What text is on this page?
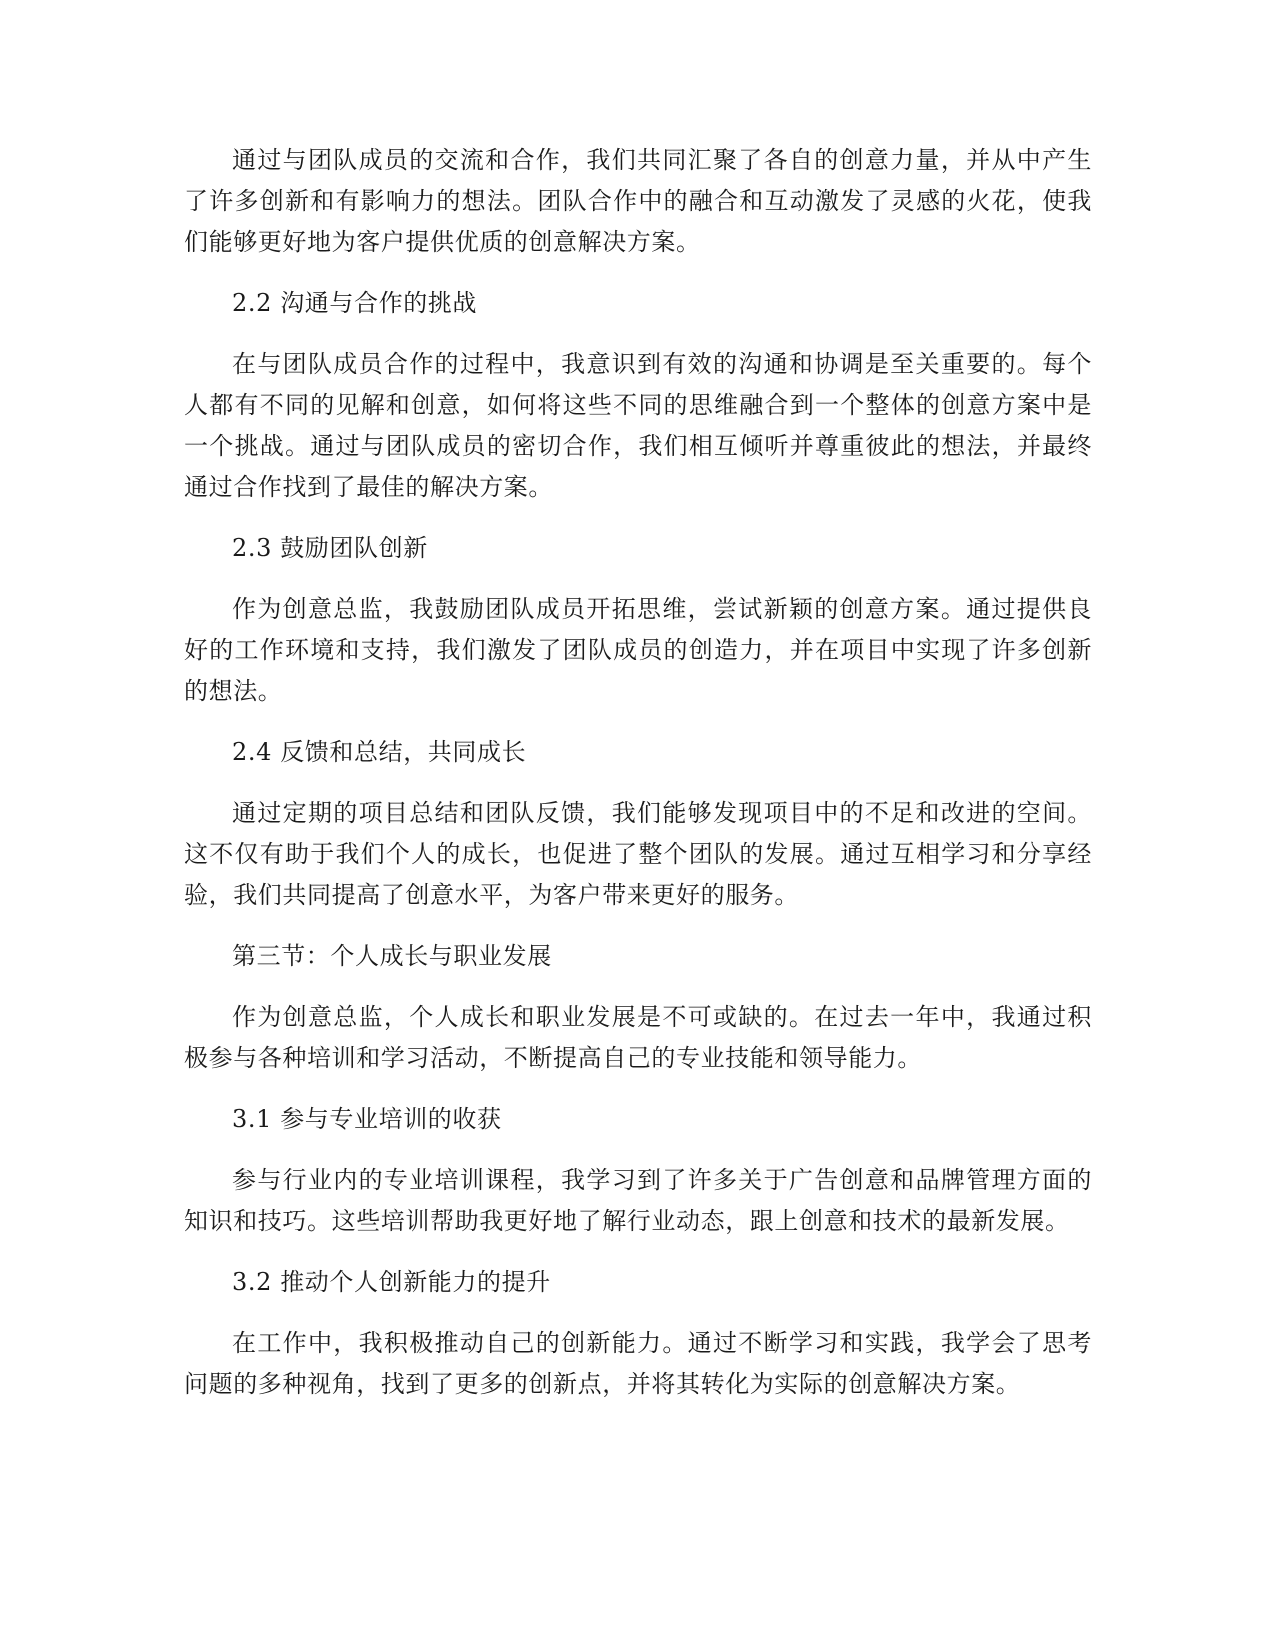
通过与团队成员的交流和合作，我们共同汇聚了各自的创意力量，并从中产生了许多创新和有影响力的想法。团队合作中的融合和互动激发了灵感的火花，使我们能够更好地为客户提供优质的创意解决方案。

2.2 沟通与合作的挑战

在与团队成员合作的过程中，我意识到有效的沟通和协调是至关重要的。每个人都有不同的见解和创意，如何将这些不同的思维融合到一个整体的创意方案中是一个挑战。通过与团队成员的密切合作，我们相互倾听并尊重彼此的想法，并最终通过合作找到了最佳的解决方案。

2.3 鼓励团队创新

作为创意总监，我鼓励团队成员开拓思维，尝试新颖的创意方案。通过提供良好的工作环境和支持，我们激发了团队成员的创造力，并在项目中实现了许多创新的想法。

2.4 反馈和总结，共同成长

通过定期的项目总结和团队反馈，我们能够发现项目中的不足和改进的空间。这不仅有助于我们个人的成长，也促进了整个团队的发展。通过互相学习和分享经验，我们共同提高了创意水平，为客户带来更好的服务。

第三节：个人成长与职业发展

作为创意总监，个人成长和职业发展是不可或缺的。在过去一年中，我通过积极参与各种培训和学习活动，不断提高自己的专业技能和领导能力。

3.1 参与专业培训的收获

参与行业内的专业培训课程，我学习到了许多关于广告创意和品牌管理方面的知识和技巧。这些培训帮助我更好地了解行业动态，跟上创意和技术的最新发展。

3.2 推动个人创新能力的提升

在工作中，我积极推动自己的创新能力。通过不断学习和实践，我学会了思考问题的多种视角，找到了更多的创新点，并将其转化为实际的创意解决方案。
